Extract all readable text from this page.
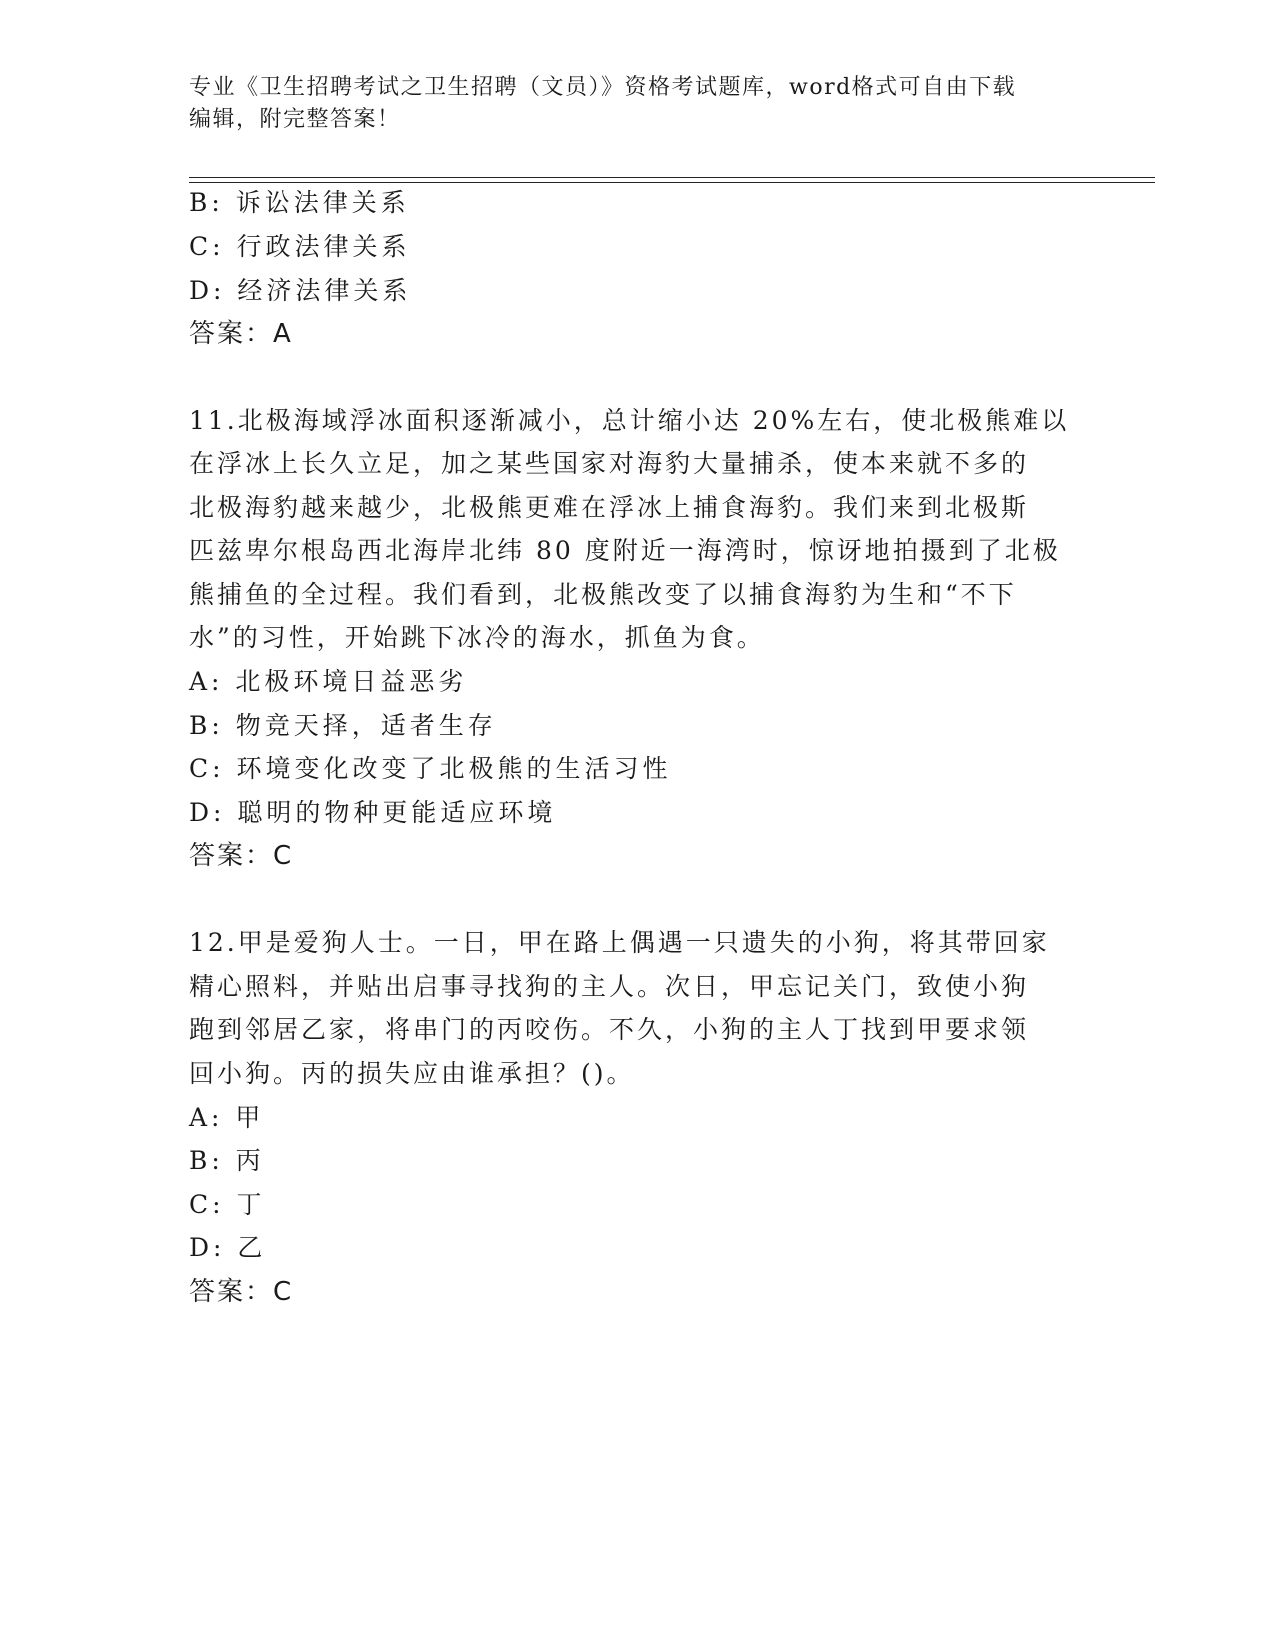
专业《卫生招聘考试之卫生招聘（文员）》资格考试题库，word格式可自由下载
编辑，附完整答案！
B: 诉讼法律关系
C: 行政法律关系
D: 经济法律关系
答案：A
11.北极海域浮冰面积逐渐减小，总计缩小达 20%左右，使北极熊难以
在浮冰上长久立足，加之某些国家对海豹大量捕杀，使本来就不多的
北极海豹越来越少，北极熊更难在浮冰上捕食海豹。我们来到北极斯
匹兹卑尔根岛西北海岸北纬 80 度附近一海湾时，惊讶地拍摄到了北极
熊捕鱼的全过程。我们看到，北极熊改变了以捕食海豹为生和“不下
水”的习性，开始跳下冰冷的海水，抓鱼为食。
A: 北极环境日益恶劣
B: 物竞天择，适者生存
C: 环境变化改变了北极熊的生活习性
D: 聪明的物种更能适应环境
答案：C
12.甲是爱狗人士。一日，甲在路上偶遇一只遗失的小狗，将其带回家
精心照料，并贴出启事寻找狗的主人。次日，甲忘记关门，致使小狗
跑到邻居乙家，将串门的丙咬伤。不久，小狗的主人丁找到甲要求领
回小狗。丙的损失应由谁承担？()。
A: 甲
B: 丙
C: 丁
D: 乙
答案：C
